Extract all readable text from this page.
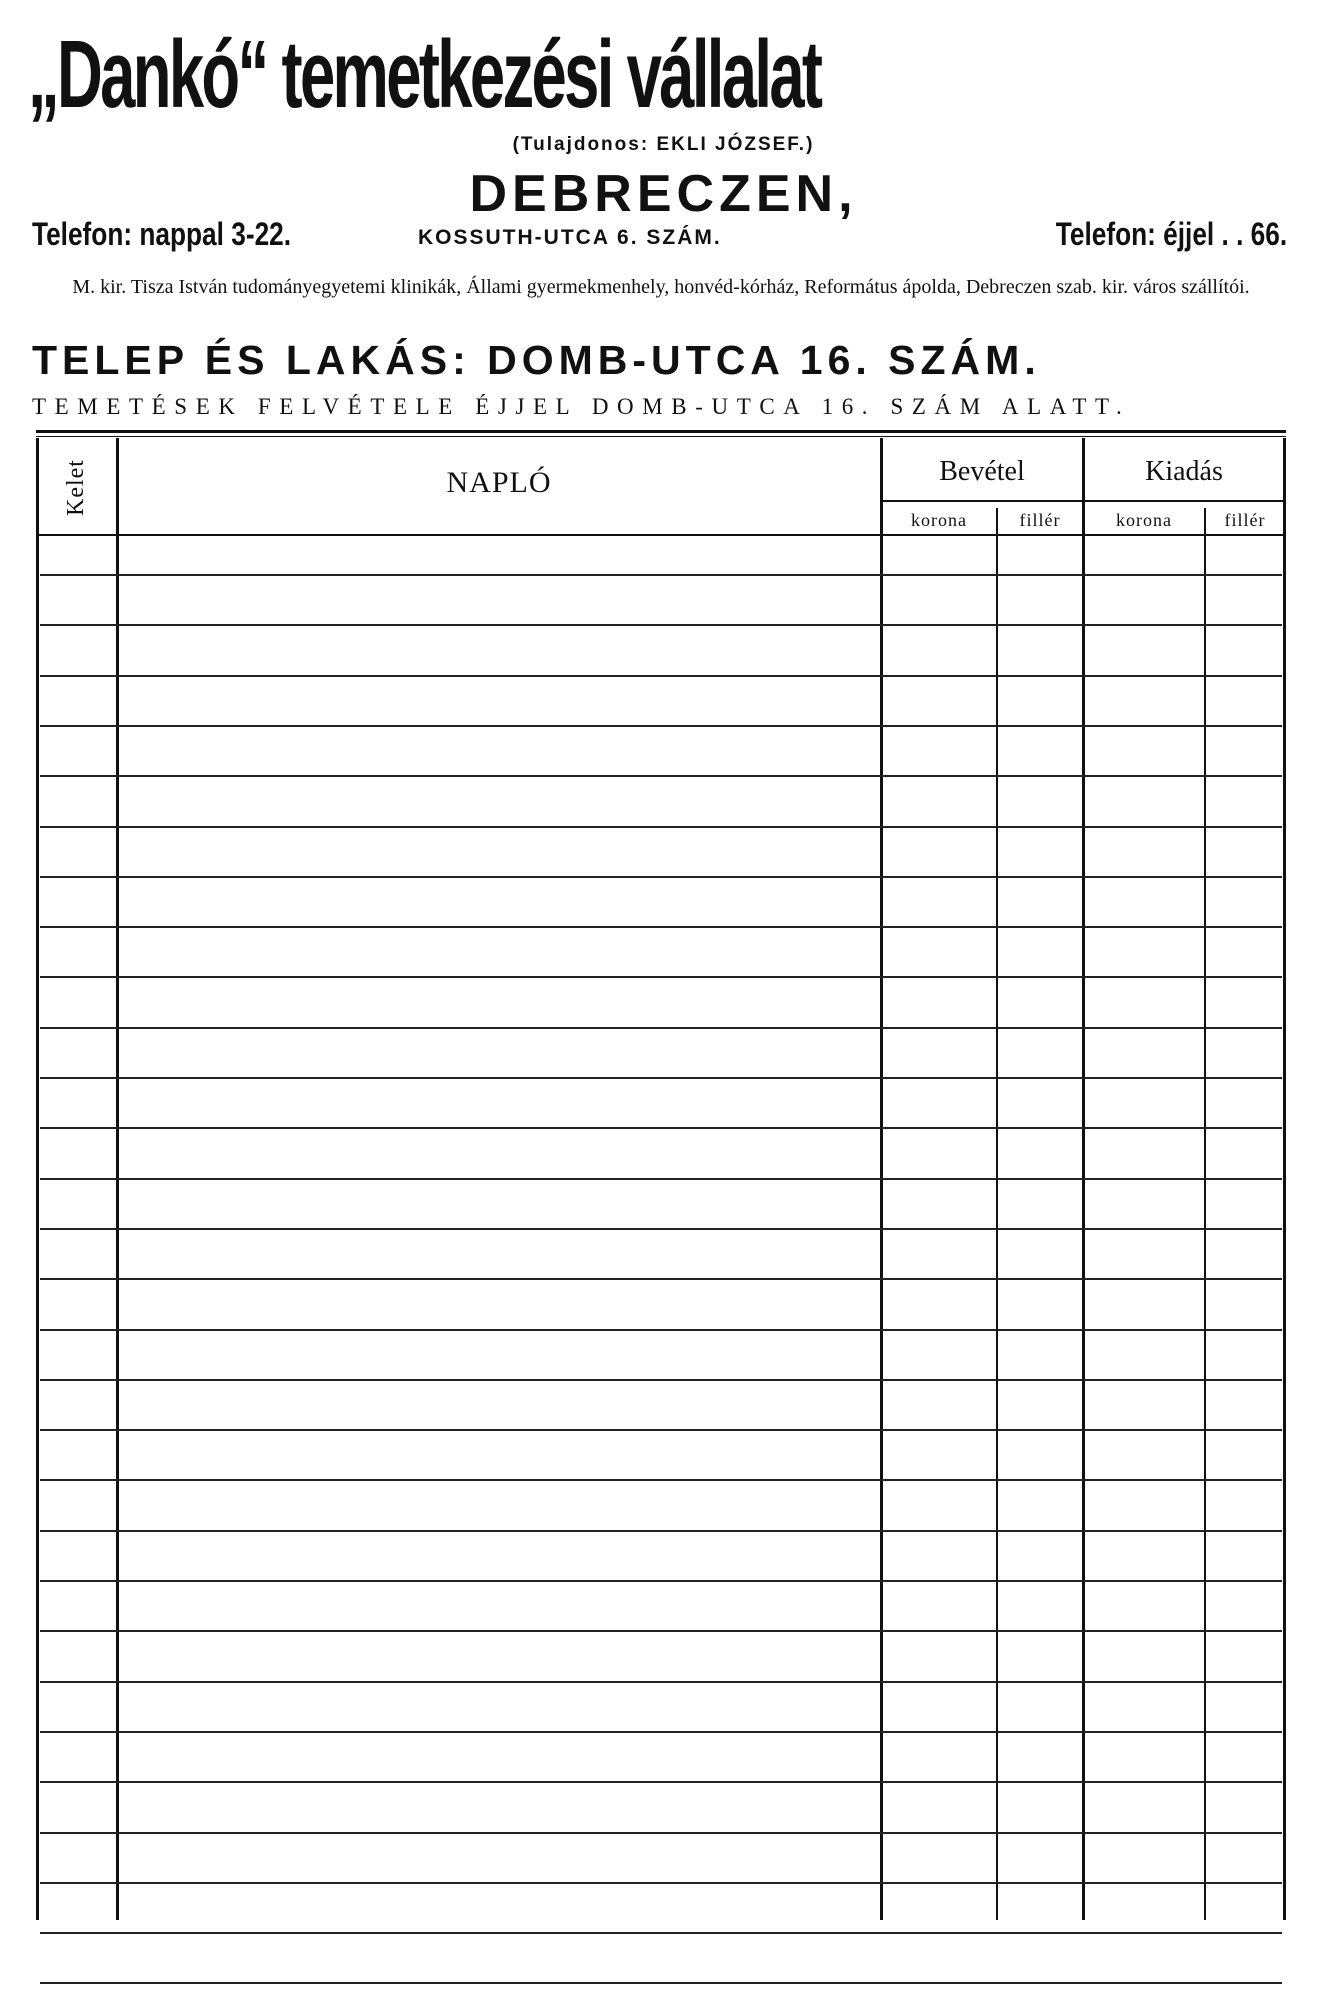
„Dankó“ temetkezési vállalat
(Tulajdonos: EKLI JÓZSEF.)
DEBRECZEN,
Telefon: nappal 3-22.	KOSSUTH-UTCA 6. SZÁM.	Telefon: éjjel . . 66.
M. kir. Tisza István tudományegyetemi klinikák, Állami gyermekmenhely, honvéd-kórház, Református ápolda, Debreczen szab. kir. város szállítói.
TELEP ÉS LAKÁS: DOMB-UTCA 16. SZÁM.
TEMETÉSEK FELVÉTELE ÉJJEL DOMB-UTCA 16. SZÁM ALATT.
Kelet	NAPLÓ	Bevétel	Kiadás
korona	fillér	korona	fillér
